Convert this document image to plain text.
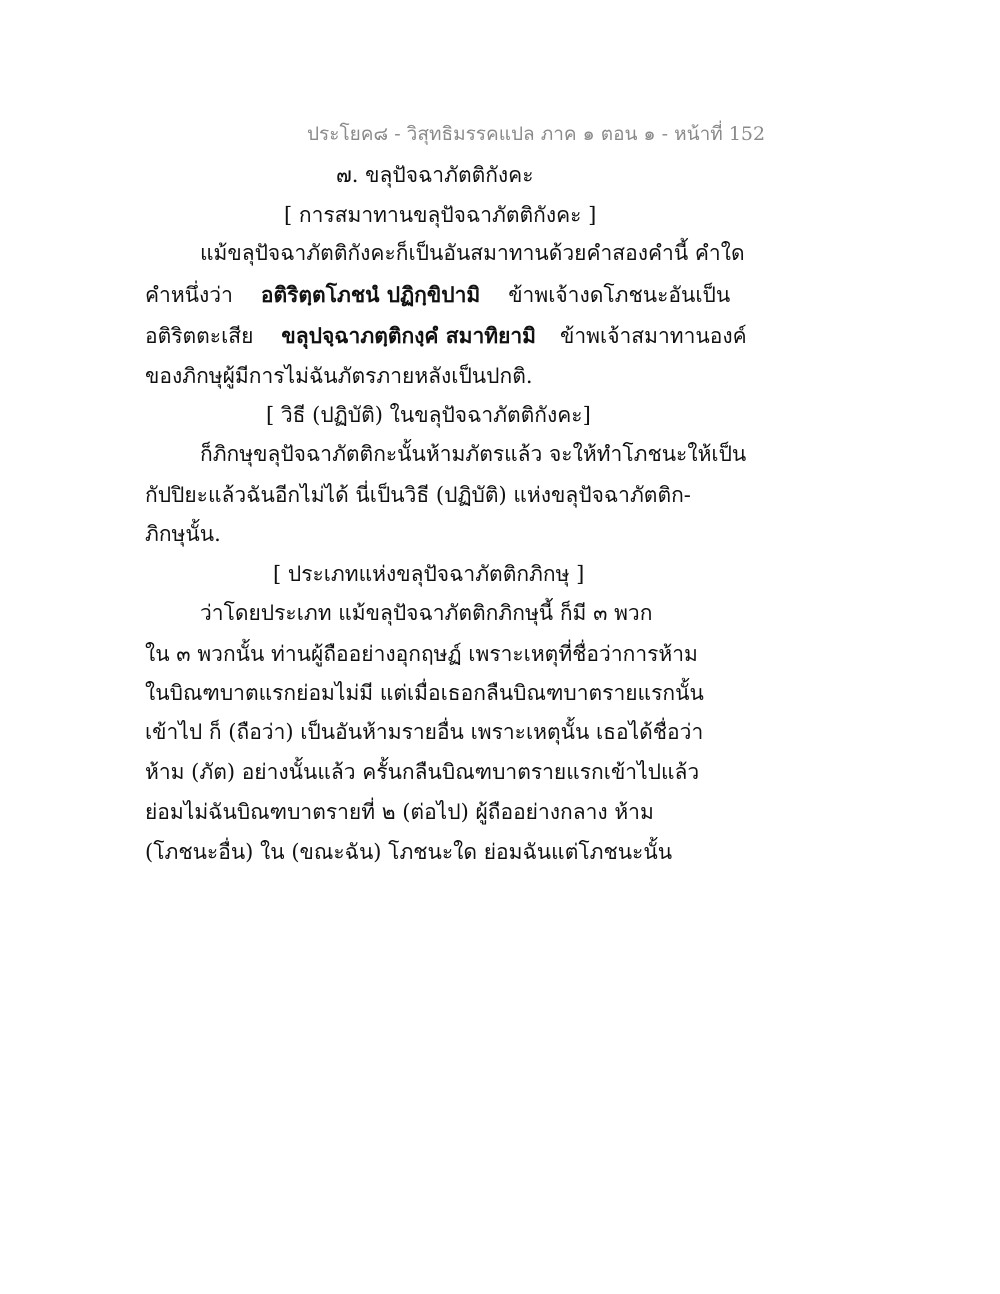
ประโยค๘ - วิสุทธิมรรคแปล ภาค ๑ ตอน ๑ - หน้าที่ 152
๗. ขลุปัจฉาภัตติกังคะ
[ การสมาทานขลุปัจฉาภัตติกังคะ ]
แม้ขลุปัจฉาภัตติกังคะก็เป็นอันสมาทานด้วยคำสองคำนี้ คำใด
คำหนึ่งว่า อติริตฺตโภชนํ ปฏิกฺขิปามิ ข้าพเจ้างดโภชนะอันเป็น
อติริตตะเสีย ขลุปจฺฉาภตฺติกงฺคํ สมาทิยามิ ข้าพเจ้าสมาทานองค์
ของภิกษุผู้มีการไม่ฉันภัตรภายหลังเป็นปกติ.
[ วิธี (ปฏิบัติ) ในขลุปัจฉาภัตติกังคะ]
ก็ภิกษุขลุปัจฉาภัตติกะนั้นห้ามภัตรแล้ว จะให้ทำโภชนะให้เป็น
กัปปิยะแล้วฉันอีกไม่ได้ นี่เป็นวิธี (ปฏิบัติ) แห่งขลุปัจฉาภัตติก-
ภิกษุนั้น.
[ ประเภทแห่งขลุปัจฉาภัตติกภิกษุ ]
ว่าโดยประเภท แม้ขลุปัจฉาภัตติกภิกษุนี้ ก็มี ๓ พวก
ใน ๓ พวกนั้น ท่านผู้ถืออย่างอุกฤษฏ์ เพราะเหตุที่ชื่อว่าการห้าม
ในบิณฑบาตแรกย่อมไม่มี แต่เมื่อเธอกลืนบิณฑบาตรายแรกนั้น
เข้าไป ก็ (ถือว่า) เป็นอันห้ามรายอื่น เพราะเหตุนั้น เธอได้ชื่อว่า
ห้าม (ภัต) อย่างนั้นแล้ว ครั้นกลืนบิณฑบาตรายแรกเข้าไปแล้ว
ย่อมไม่ฉันบิณฑบาตรายที่ ๒ (ต่อไป) ผู้ถืออย่างกลาง ห้าม
(โภชนะอื่น) ใน (ขณะฉัน) โภชนะใด ย่อมฉันแต่โภชนะนั้น
